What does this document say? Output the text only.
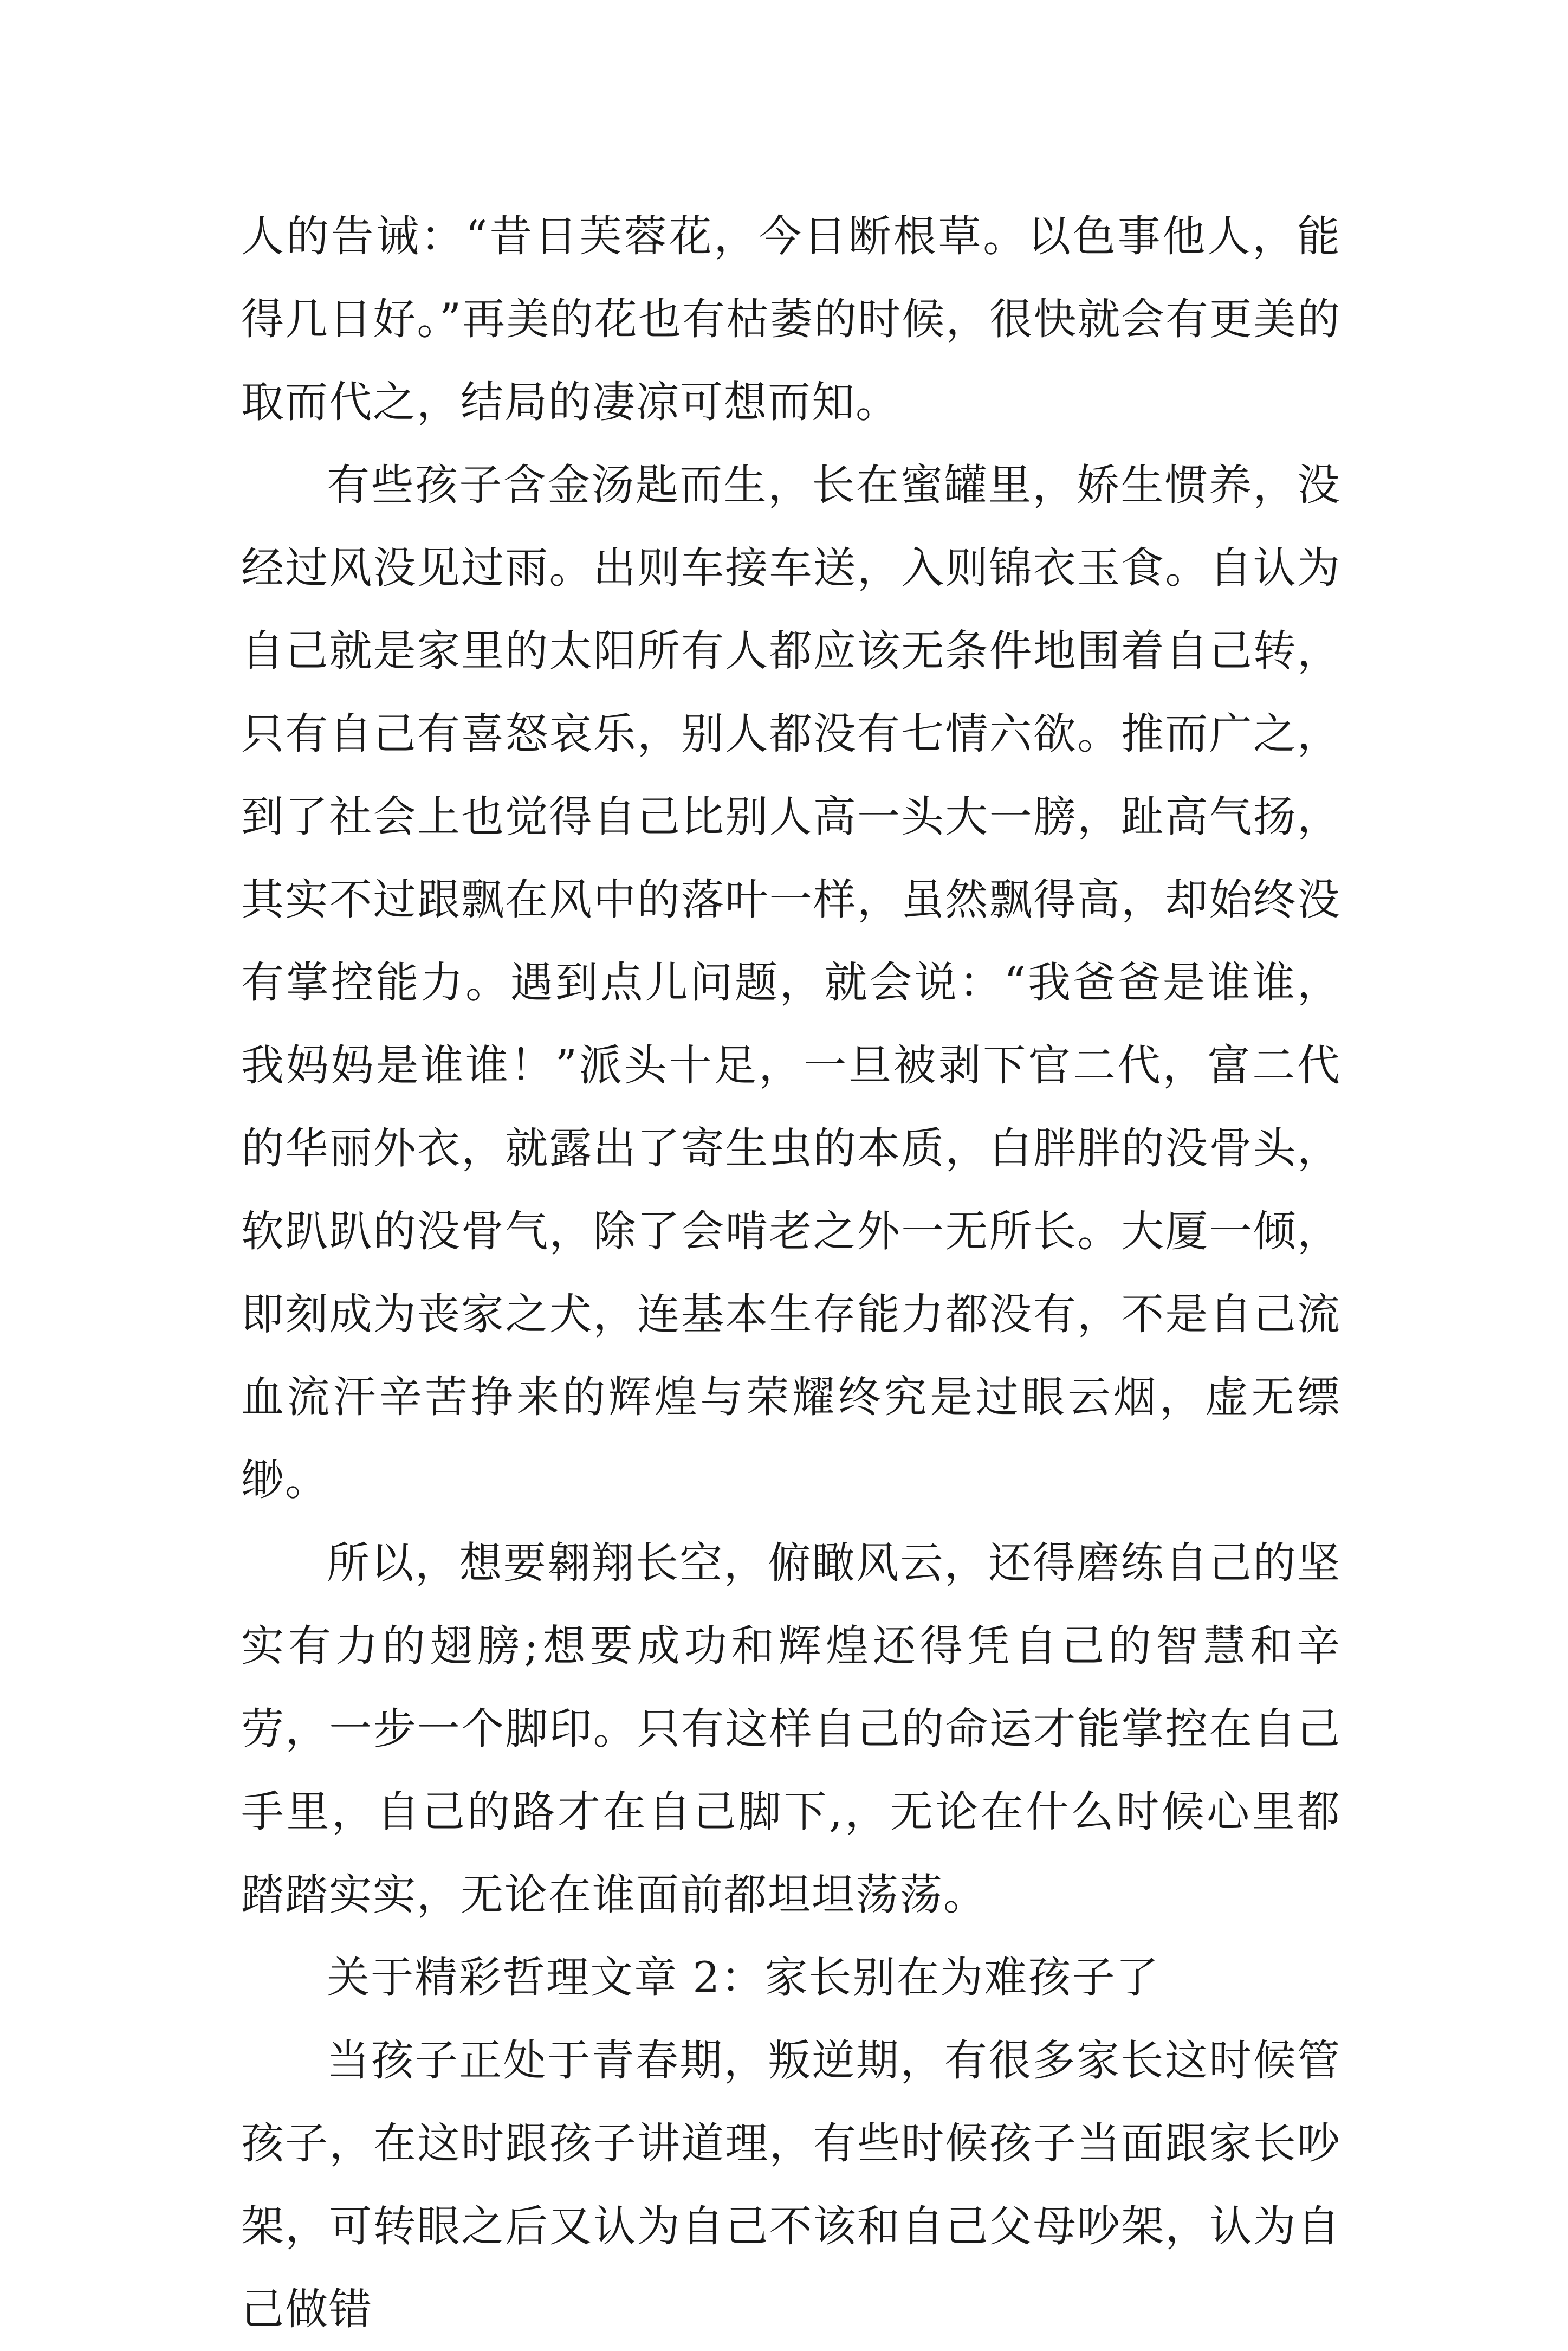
人的告诫：“昔日芙蓉花，今日断根草。以色事他人，能得几日好。”再美的花也有枯萎的时候，很快就会有更美的取而代之，结局的凄凉可想而知。

有些孩子含金汤匙而生，长在蜜罐里，娇生惯养，没经过风没见过雨。出则车接车送，入则锦衣玉食。自认为自己就是家里的太阳所有人都应该无条件地围着自己转，只有自己有喜怒哀乐，别人都没有七情六欲。推而广之，到了社会上也觉得自己比别人高一头大一膀，趾高气扬，其实不过跟飘在风中的落叶一样，虽然飘得高，却始终没有掌控能力。遇到点儿问题，就会说：“我爸爸是谁谁，我妈妈是谁谁！”派头十足，一旦被剥下官二代，富二代的华丽外衣，就露出了寄生虫的本质，白胖胖的没骨头，软趴趴的没骨气，除了会啃老之外一无所长。大厦一倾，即刻成为丧家之犬，连基本生存能力都没有，不是自己流血流汗辛苦挣来的辉煌与荣耀终究是过眼云烟，虚无缥缈。

所以，想要翱翔长空，俯瞰风云，还得磨练自己的坚实有力的翅膀;想要成功和辉煌还得凭自己的智慧和辛劳，一步一个脚印。只有这样自己的命运才能掌控在自己手里，自己的路才在自己脚下,，无论在什么时候心里都踏踏实实，无论在谁面前都坦坦荡荡。

关于精彩哲理文章 2：家长别在为难孩子了

当孩子正处于青春期，叛逆期，有很多家长这时候管孩子，在这时跟孩子讲道理，有些时候孩子当面跟家长吵架，可转眼之后又认为自己不该和自己父母吵架，认为自己做错
